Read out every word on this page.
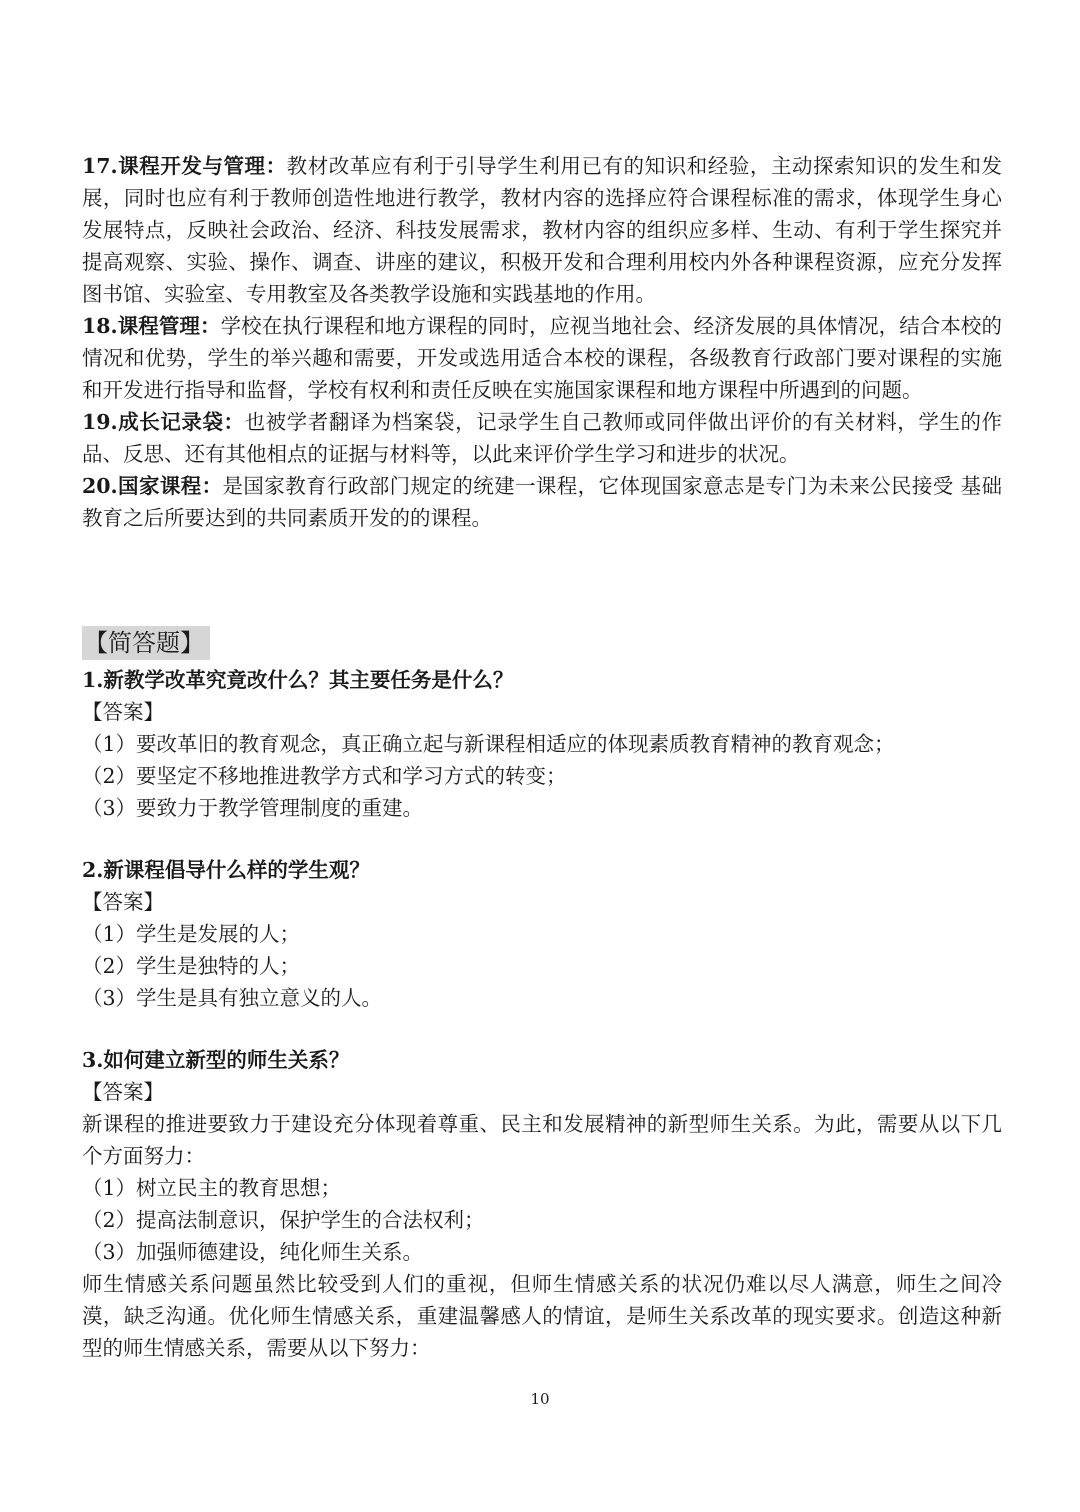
17.课程开发与管理：教材改革应有利于引导学生利用已有的知识和经验，主动探索知识的发生和发展，同时也应有利于教师创造性地进行教学，教材内容的选择应符合课程标准的需求，体现学生身心发展特点，反映社会政治、经济、科技发展需求，教材内容的组织应多样、生动、有利于学生探究并提高观察、实验、操作、调查、讲座的建议，积极开发和合理利用校内外各种课程资源，应充分发挥图书馆、实验室、专用教室及各类教学设施和实践基地的作用。

18.课程管理：学校在执行课程和地方课程的同时，应视当地社会、经济发展的具体情况，结合本校的情况和优势，学生的举兴趣和需要，开发或选用适合本校的课程，各级教育行政部门要对课程的实施和开发进行指导和监督，学校有权利和责任反映在实施国家课程和地方课程中所遇到的问题。

19.成长记录袋：也被学者翻译为档案袋，记录学生自己教师或同伴做出评价的有关材料，学生的作品、反思、还有其他相点的证据与材料等，以此来评价学生学习和进步的状况。

20.国家课程：是国家教育行政部门规定的统建一课程，它体现国家意志是专门为未来公民接受 基础教育之后所要达到的共同素质开发的的课程。

【简答题】

1.新教学改革究竟改什么？其主要任务是什么？

【答案】

（1）要改革旧的教育观念，真正确立起与新课程相适应的体现素质教育精神的教育观念；

（2）要坚定不移地推进教学方式和学习方式的转变；

（3）要致力于教学管理制度的重建。

2.新课程倡导什么样的学生观？

【答案】

（1）学生是发展的人；

（2）学生是独特的人；

（3）学生是具有独立意义的人。

3.如何建立新型的师生关系？

【答案】

新课程的推进要致力于建设充分体现着尊重、民主和发展精神的新型师生关系。为此，需要从以下几个方面努力：

（1）树立民主的教育思想；

（2）提高法制意识，保护学生的合法权利；

（3）加强师德建设，纯化师生关系。

师生情感关系问题虽然比较受到人们的重视，但师生情感关系的状况仍难以尽人满意，师生之间冷漠，缺乏沟通。优化师生情感关系，重建温馨感人的情谊，是师生关系改革的现实要求。创造这种新型的师生情感关系，需要从以下努力：

10
